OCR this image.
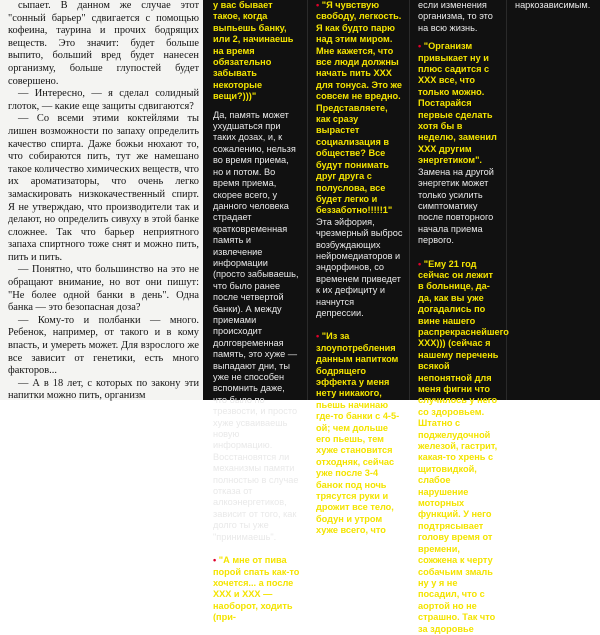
сыпает. В данном же случае этот "сонный барьер" сдвигается с помощью кофеина, таурина и прочих бодрящих веществ. Это значит: будет больше выпито, больший вред будет нанесен организму, больше глупостей будет совершено.

— Интересно, — я сделал солидный глоток, — какие еще защиты сдвигаются?

— Со всеми этими коктейлями ты лишен возможности по запаху определить качество спирта. Даже божьи нюхают то, что собираются пить, тут же намешано такое количество химических веществ, что их ароматизаторы, что очень легко замаскировать низкокачественный спирт. Я не утверждаю, что производители так и делают, но определить сивуху в этой банке сложнее. Так что барьер неприятного запаха спиртного тоже снят и можно пить, пить и пить.

— Понятно, что большинство на это не обращают внимание, но вот они пишут: "Не более одной банки в день". Одна банка — это безопасная доза?

— Кому-то и полбанки — много. Ребенок, например, от такого и в кому впасть, и умереть может. Для взрослого же все зависит от генетики, есть много факторов...

— А в 18 лет, с которых по закону эти напитки можно пить, организм

у вас бывает такое, когда выпьешь банку, или 2, начинаешь на время обязательно забывать некоторые вещи?)))"

Да, память может ухудшаться при таких дозах, и, к сожалению, нельзя во время приема, но и потом. Во время приема, скорее всего, у данного человека страдает кратковременная память и извлечение информации (просто забываешь, что было ранее после четвертой банки). А между приемами происходит долговременная память, это хуже — выпадают дни, ты уже не способен вспомнить даже, что было по трезвости, и просто хуже усваиваешь новую информацию. Восстановятся ли механизмы памяти полностью в случае отказа от алкоэнергетиков, зависит от того, как долго ты уже "принимаешь".

• "А мне от пива порой спать как-то хочется... а после ХХХ и ХХХ — наоборот, ходить (при-
• "Я чувствую свободу, легкость. Я как будто парю над этим миром. Мне кажется, что все люди должны начать пить ХХХ для тонуса. Это же совсем не вредно. Представляете, как сразу вырастет социализация в обществе? Все будут понимать друг друга с полуслова, все будет легко и беззаботно!!!!!1"

Эта эйфория, чрезмерный выброс возбуждающих нейромедиаторов и эндорфинов, со временем приведет к их дефициту и начнутся депрессии.

• "Из за злоупотребления данным напитком бодрящего эффекта у меня нету никакого, пьешь начинаю где-то банки с 4-5-ой; чем дольше его пьешь, тем хуже становится отходняк, сейчас уже после 3-4 банок под ночь трясутся руки и дрожит все тело, бодун и утром хуже всего, что

если изменения организма, то это на всю жизнь.

• "Организм привыкает ну и плюс садится с ХХХ все, что только можно. Постарайся первые сделать хотя бы в неделю, заменил ХХХ другим энергетиком".

Замена на другой энергетик может только усилить симптоматику после повторного начала приема первого.

• "Ему 21 год сейчас он лежит в больнице, да-да, как вы уже догадались по вине нашего распрекраснейшего ХХХ))) (сейчас я нашему перечень всякой непонятной для меня фигни что случилось у него со здоровьем. Штатно с поджелудочной железой, гастрит, какая-то хрень с щитовидкой, слабое нарушение моторных функций. У него подтрясывает голову время от времени, сожжена к черту собачьим змаль ну у я не посадил, что с аортой но не страшно. Так что за здоровье

наркозависимым.
